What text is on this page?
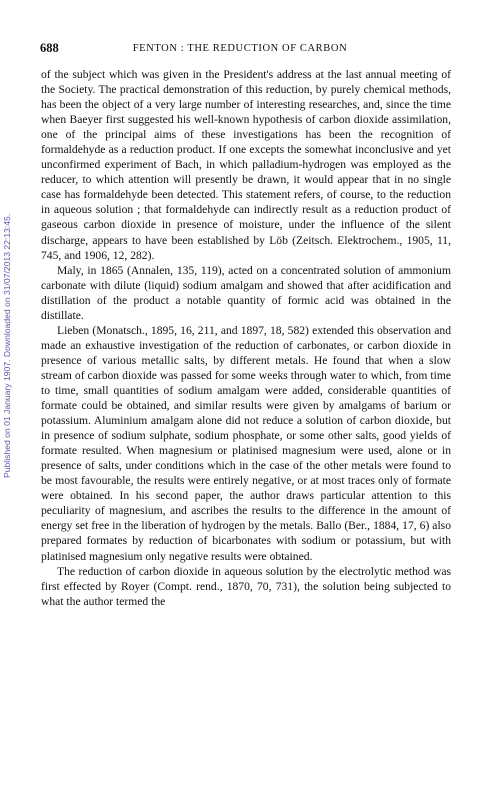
688	FENTON : THE REDUCTION OF CARBON
Published on 01 January 1907. Downloaded on 31/07/2013 22:13:45.

of the subject which was given in the President's address at the last annual meeting of the Society. The practical demonstration of this reduction, by purely chemical methods, has been the object of a very large number of interesting researches, and, since the time when Baeyer first suggested his well-known hypothesis of carbon dioxide assimilation, one of the principal aims of these investigations has been the recognition of formaldehyde as a reduction product. If one excepts the somewhat inconclusive and yet unconfirmed experiment of Bach, in which palladium-hydrogen was employed as the reducer, to which attention will presently be drawn, it would appear that in no single case has formaldehyde been detected. This statement refers, of course, to the reduction in aqueous solution ; that formaldehyde can indirectly result as a reduction product of gaseous carbon dioxide in presence of moisture, under the influence of the silent discharge, appears to have been established by Löb (Zeitsch. Elektrochem., 1905, 11, 745, and 1906, 12, 282).

Maly, in 1865 (Annalen, 135, 119), acted on a concentrated solution of ammonium carbonate with dilute (liquid) sodium amalgam and showed that after acidification and distillation of the product a notable quantity of formic acid was obtained in the distillate.

Lieben (Monatsch., 1895, 16, 211, and 1897, 18, 582) extended this observation and made an exhaustive investigation of the reduction of carbonates, or carbon dioxide in presence of various metallic salts, by different metals. He found that when a slow stream of carbon dioxide was passed for some weeks through water to which, from time to time, small quantities of sodium amalgam were added, considerable quantities of formate could be obtained, and similar results were given by amalgams of barium or potassium. Aluminium amalgam alone did not reduce a solution of carbon dioxide, but in presence of sodium sulphate, sodium phosphate, or some other salts, good yields of formate resulted. When magnesium or platinised magnesium were used, alone or in presence of salts, under conditions which in the case of the other metals were found to be most favourable, the results were entirely negative, or at most traces only of formate were obtained. In his second paper, the author draws particular attention to this peculiarity of magnesium, and ascribes the results to the difference in the amount of energy set free in the liberation of hydrogen by the metals. Ballo (Ber., 1884, 17, 6) also prepared formates by reduction of bicarbonates with sodium or potassium, but with platinised magnesium only negative results were obtained.

The reduction of carbon dioxide in aqueous solution by the electrolytic method was first effected by Royer (Compt. rend., 1870, 70, 731), the solution being subjected to what the author termed the
